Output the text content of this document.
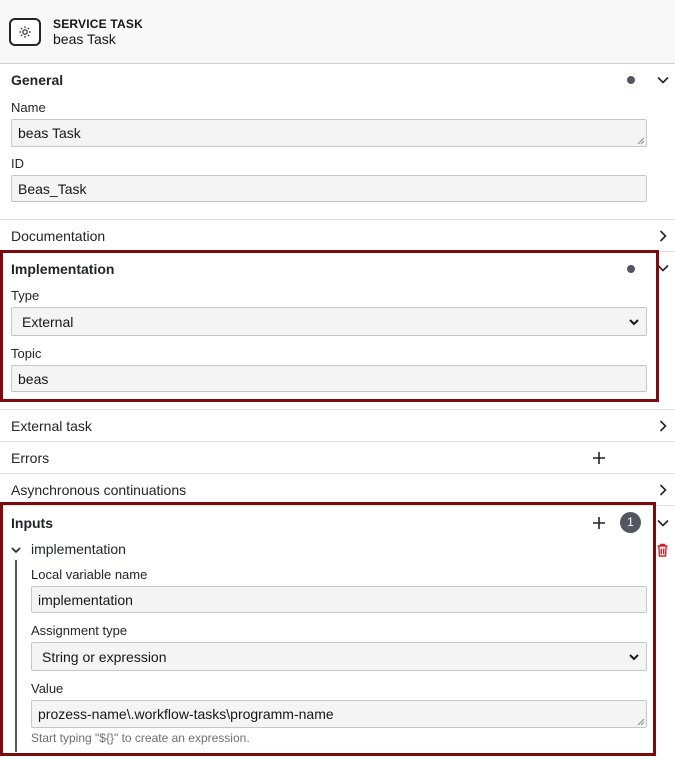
SERVICE TASK
beas Task
General
Name
beas Task
ID
Beas_Task
Documentation
Implementation
Type
External
Topic
beas
External task
Errors
Asynchronous continuations
Inputs	1
implementation
Local variable name
implementation
Assignment type
String or expression
Value
prozess-name\.workflow-tasks\programm-name
Start typing "${}" to create an expression.
